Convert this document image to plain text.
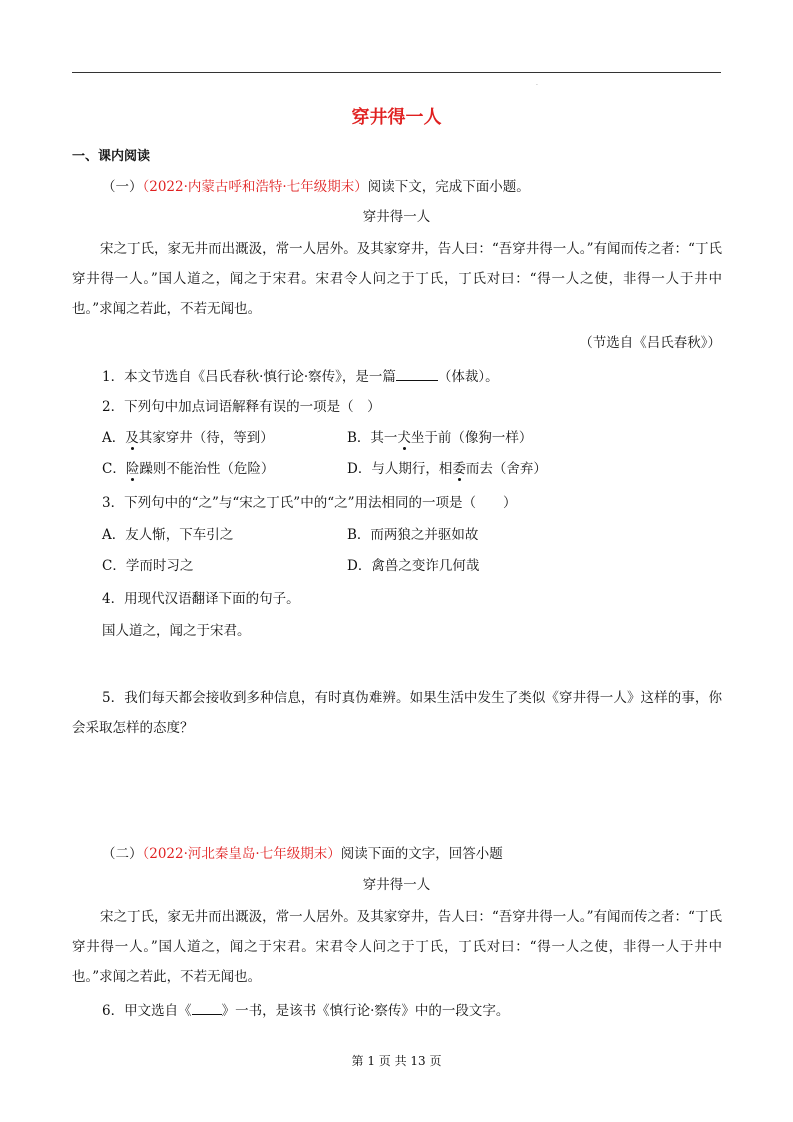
.
穿井得一人
一、课内阅读
（一）（2022·内蒙古呼和浩特·七年级期末）阅读下文，完成下面小题。
穿井得一人
宋之丁氏，家无井而出溉汲，常一人居外。及其家穿井，告人曰：“吾穿井得一人。”有闻而传之者：“丁氏穿井得一人。”国人道之，闻之于宋君。宋君令人问之于丁氏，丁氏对曰：“得一人之使，非得一人于井中也。”求闻之若此，不若无闻也。
（节选自《吕氏春秋》）
1．本文节选自《吕氏春秋·慎行论·察传》，是一篇	（体裁）。
2．下列句中加点词语解释有误的一项是（　）
A．及其家穿井（待，等到）	B．其一犬坐于前（像狗一样）
C．险躁则不能治性（危险）	D．与人期行，相委而去（舍弃）
3．下列句中的“之”与“宋之丁氏”中的“之”用法相同的一项是（　　）
A．友人惭，下车引之	B．而两狼之并驱如故
C．学而时习之	D．禽兽之变诈几何哉
4．用现代汉语翻译下面的句子。
国人道之，闻之于宋君。
5．我们每天都会接收到多种信息，有时真伪难辨。如果生活中发生了类似《穿井得一人》这样的事，你会采取怎样的态度？
（二）（2022·河北秦皇岛·七年级期末）阅读下面的文字，回答小题
穿井得一人
宋之丁氏，家无井而出溉汲，常一人居外。及其家穿井，告人曰：“吾穿井得一人。”有闻而传之者：“丁氏穿井得一人。”国人道之，闻之于宋君。宋君令人问之于丁氏，丁氏对曰：“得一人之使，非得一人于井中也。”求闻之若此，不若无闻也。
6．甲文选自《 》一书，是该书《慎行论·察传》中的一段文字。
第 1 页 共 13 页
